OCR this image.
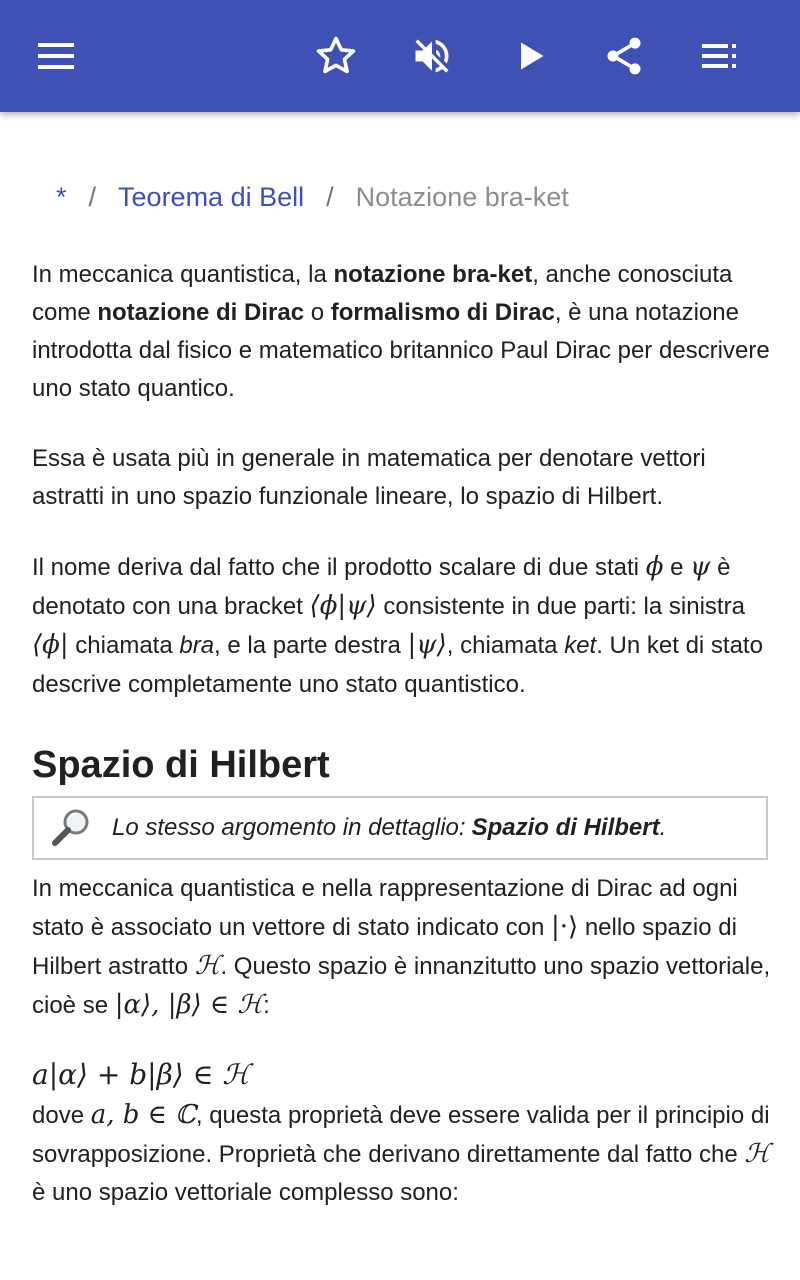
* / Teorema di Bell / Notazione bra-ket

In meccanica quantistica, la notazione bra-ket, anche conosciuta come notazione di Dirac o formalismo di Dirac, è una notazione introdotta dal fisico e matematico britannico Paul Dirac per descrivere uno stato quantico.

Essa è usata più in generale in matematica per denotare vettori astratti in uno spazio funzionale lineare, lo spazio di Hilbert.

Il nome deriva dal fatto che il prodotto scalare di due stati ϕ e ψ è denotato con una bracket ⟨ϕ|ψ⟩ consistente in due parti: la sinistra ⟨ϕ| chiamata bra, e la parte destra |ψ⟩, chiamata ket. Un ket di stato descrive completamente uno stato quantistico.

Spazio di Hilbert
Lo stesso argomento in dettaglio: Spazio di Hilbert .

In meccanica quantistica e nella rappresentazione di Dirac ad ogni stato è associato un vettore di stato indicato con |·⟩ nello spazio di Hilbert astratto ℋ. Questo spazio è innanzitutto uno spazio vettoriale, cioè se |α⟩, |β⟩ ∈ ℋ:

a|α⟩ + b|β⟩ ∈ ℋ

dove a, b ∈ ℂ, questa proprietà deve essere valida per il principio di sovrapposizione. Proprietà che derivano direttamente dal fatto che ℋ è uno spazio vettoriale complesso sono:
